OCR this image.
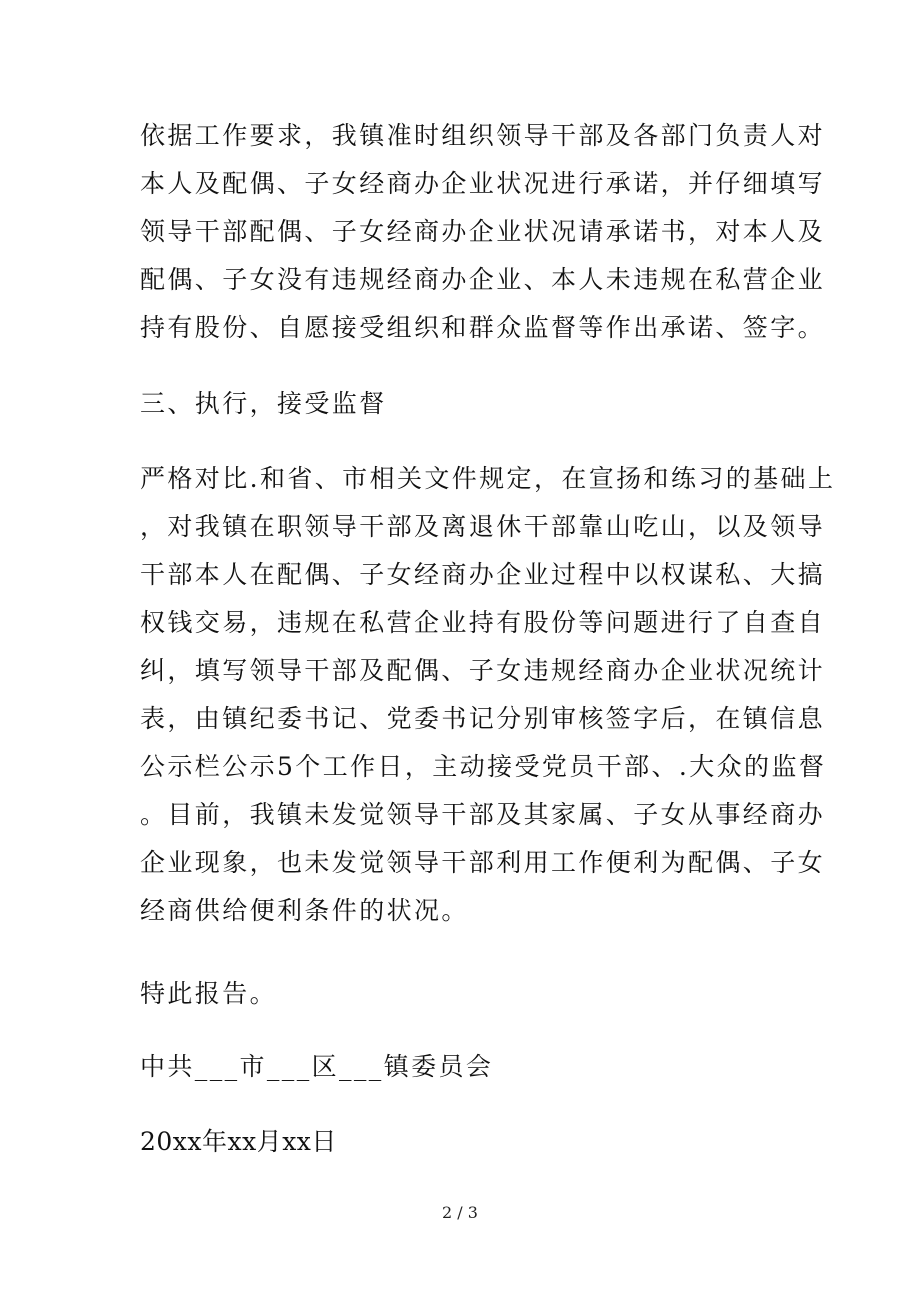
依据工作要求，我镇准时组织领导干部及各部门负责人对
本人及配偶、子女经商办企业状况进行承诺，并仔细填写
领导干部配偶、子女经商办企业状况请承诺书，对本人及
配偶、子女没有违规经商办企业、本人未违规在私营企业
持有股份、自愿接受组织和群众监督等作出承诺、签字。
三、执行，接受监督
严格对比.和省、市相关文件规定，在宣扬和练习的基础上
，对我镇在职领导干部及离退休干部靠山吃山，以及领导
干部本人在配偶、子女经商办企业过程中以权谋私、大搞
权钱交易，违规在私营企业持有股份等问题进行了自查自
纠，填写领导干部及配偶、子女违规经商办企业状况统计
表，由镇纪委书记、党委书记分别审核签字后，在镇信息
公示栏公示5个工作日，主动接受党员干部、.大众的监督
。目前，我镇未发觉领导干部及其家属、子女从事经商办
企业现象，也未发觉领导干部利用工作便利为配偶、子女
经商供给便利条件的状况。
特此报告。
中共___市___区___镇委员会
20xx年xx月xx日
2 / 3
